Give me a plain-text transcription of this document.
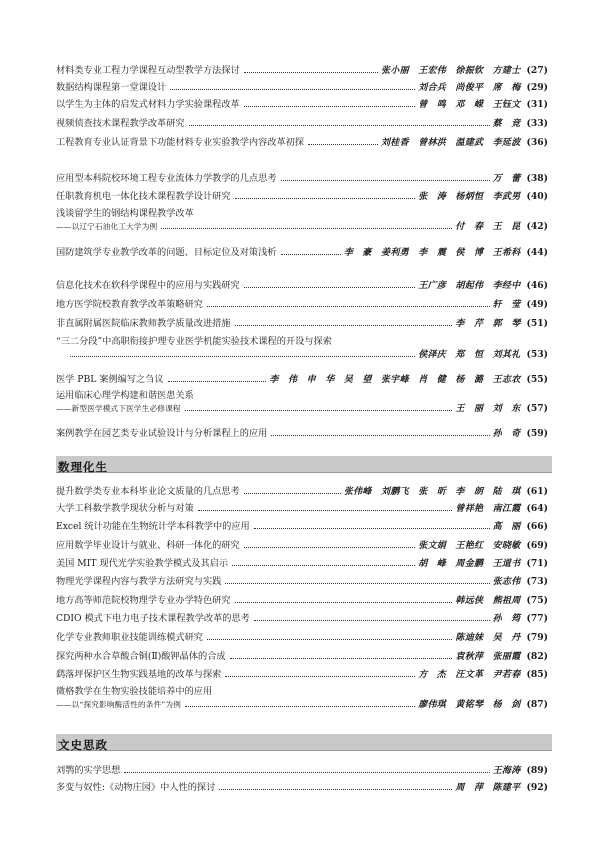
材料类专业工程力学课程互动型教学方法探讨	张小丽　王宏伟　徐振钦　方建士 (27)
数据结构课程第一堂课设计	刘合兵　尚俊平　席　梅 (29)
以学生为主体的启发式材料力学实验课程改革	曾　鸣　邓　嵘　王钰文 (31)
视频侦查技术课程教学改革研究	蔡　竞 (33)
工程教育专业认证背景下功能材料专业实验教学内容改革初探	刘桂香　曾林洪　温建武　李延波 (36)
应用型本科院校环境工程专业流体力学教学的几点思考	万　蕾 (38)
任职教育机电一体化技术课程教学设计研究	张　涛　杨炳恒　李武男 (40)
浅谈留学生的钢结构课程教学改革
——以辽宁石油化工大学为例	付　春　王　昆 (42)
国防建筑学专业教学改革的问题、目标定位及对策浅析	李　豪　姜利勇　李　震　侯　博　王希科 (44)
信息化技术在软科学课程中的应用与实践研究	王广彦　胡起伟　李经中 (46)
地方医学院校教育教学改革策略研究	轩　莹 (49)
非直属附属医院临床教师教学质量改进措施	李　芹　郭　琴 (51)
“三二分段”中高职衔接护理专业医学机能实验技术课程的开设与探索
侯泽庆　郑　恒　刘其礼 (53)
医学 PBL 案例编写之刍议	李　伟　申　华　吴　望　张宇峰　肖　健　杨　潞　王志农 (55)
运用临床心理学构建和谐医患关系
——新型医学模式下医学生必修课程	王　丽　刘　东 (57)
案例教学在园艺类专业试验设计与分析课程上的应用	孙　奇 (59)
数理化生
提升数学类专业本科毕业论文质量的几点思考	张伟峰　刘鹏飞　张　昕　李　朗　陆　琪 (61)
大学工科数学教学现状分析与对策	曾祥艳　南江霞 (64)
Excel 统计功能在生物统计学本科教学中的应用	高　丽 (66)
应用数学毕业设计与就业、科研一体化的研究	张文娟　王艳红　安晓敏 (69)
美国 MIT 现代光学实验教学模式及其启示	胡　峰　周金鹏　王道书 (71)
物理光学课程内容与教学方法研究与实践	张志伟 (73)
地方高等师范院校物理学专业办学特色研究	韩远侠　熊祖周 (75)
CDIO 模式下电力电子技术课程教学改革的思考	孙　筠 (77)
化学专业教师职业技能训练模式研究	陈迪妹　吴　丹 (79)
探究两种水合草酸合铜(Ⅱ)酸钾晶体的合成	袁秋萍　张丽霞 (82)
鹞落坪保护区生物实践基地的改革与探索	方　杰　汪文革　尹若春 (85)
微格教学在生物实验技能培养中的应用
——以“探究影响酶活性的条件”为例	廖伟琪　黄铭琴　杨　剑 (87)
文史思政
刘鹗的实学思想	王海涛 (89)
多变与奴性:《动物庄园》中人性的探讨	周　萍　陈建平 (92)
